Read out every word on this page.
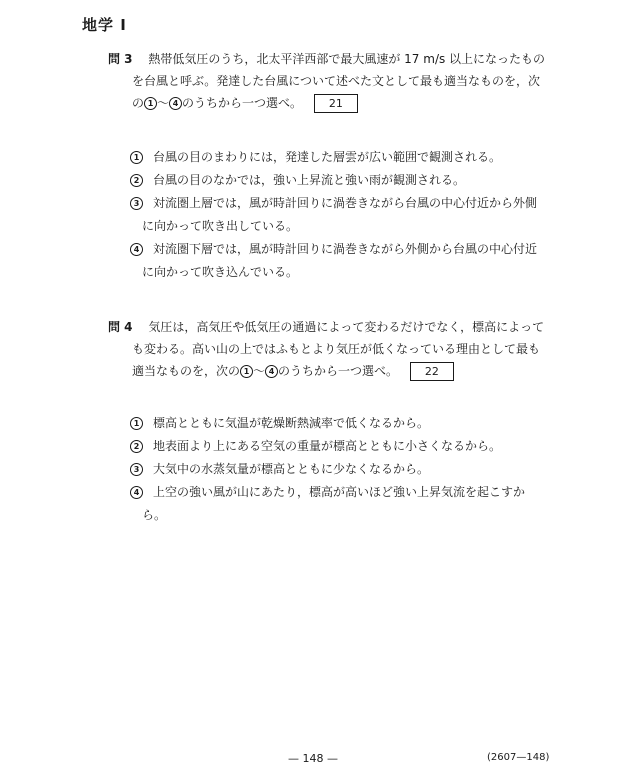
地学 I
問 3 熱帯低気圧のうち，北太平洋西部で最大風速が 17 m/s 以上になったもの
を台風と呼ぶ。発達した台風について述べた文として最も適当なものを，次
の 1 ～ 4 のうちから一つ選べ。 21
1 台風の目のまわりには，発達した層雲が広い範囲で観測される。
2 台風の目のなかでは，強い上昇流と強い雨が観測される。
3 対流圏上層では，風が時計回りに渦巻きながら台風の中心付近から外側
に向かって吹き出している。
4 対流圏下層では，風が時計回りに渦巻きながら外側から台風の中心付近
に向かって吹き込んでいる。
問 4 気圧は，高気圧や低気圧の通過によって変わるだけでなく，標高によって
も変わる。高い山の上ではふもとより気圧が低くなっている理由として最も
適当なものを，次の 1 ～ 4 のうちから一つ選べ。 22
1 標高とともに気温が乾燥断熱減率で低くなるから。
2 地表面より上にある空気の重量が標高とともに小さくなるから。
3 大気中の水蒸気量が標高とともに少なくなるから。
4 上空の強い風が山にあたり，標高が高いほど強い上昇気流を起こすか
ら。
— 148 —	(2607—148)
